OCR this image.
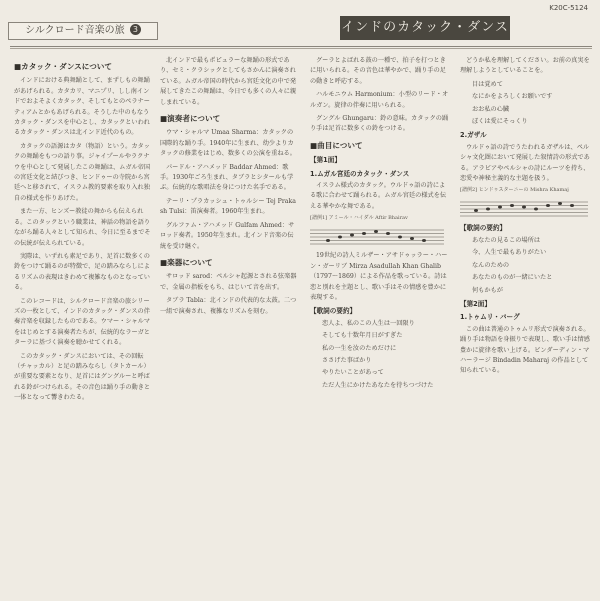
K20C-5124
シルクロード音楽の旅 3	インドのカタック・ダンス
■カタック・ダンスについて

インドにおける典舞踊として、まずしもの舞踊があげられる。カタカリ、マニプリ、しし南インドでおよそよくカタック、そしてもとのペラナーティアムとかもあげられる。そうした中のもなうカタック・ダンスを中心とし、カタックといわれるカタック・ダンスは北インド近代のもの。

カタックの語源はカタ（物語）という。カタックの舞踊をもつの語り事。ジャイプールやラクナウを中心として発展したこの舞踊は、ムガル帝国の宮廷文化と結びつき、ヒンドゥーの寺院から宮廷へと移されて、イスラム教的要素を取り入れ独自の様式を作りあげた。

また一方、ヒンズー教徒の舞からも伝えられる。このタックという職業は、神話の物語を語りながら踊る人々として知られ、今日に至るまでその伝統が伝えられている。

実際は、いずれも素足であり、足首に数多くの鈴をつけて踊るのが特徴で、足の踏みならしによるリズムの表現はきわめて複雑なものとなっている。

このレコードは、シルクロード音楽の旅シリーズの一枚として、インドのカタック・ダンスの伴奏音楽を収録したものである。ウマー・シャルマをはじめとする演奏者たちが、伝統的なラーガとターラに基づく演奏を聴かせてくれる。

このカタック・ダンスにおいては、その回転（チャッカル）と足の踏みならし（タトカール）が重要な要素となり、足首にはグングルーと呼ばれる鈴がつけられる。その音色は踊り手の動きと一体となって響きわたる。

北インドで最もポピュラーな舞踊の形式であり、セミ・クラシックとしてもさかんに演奏されている。ムガル帝国の時代から宮廷文化の中で発展してきたこの舞踊は、今日でも多くの人々に親しまれている。

■演奏者について

ウマ・シャルマ Umaa Sharma：カタックの国際的な踊り手。1940年に生まれ、幼少よりカタックの修業をはじめ、数多くの公演を重ねる。

パードル・アハメッド Baddar Ahmed：歌手。1930年ごろ生まれ、タブラとシタールも学ぶ。伝統的な歌唱法を身につけた名手である。

テーリ・プラカッシュ・トゥルシー Tej Prakash Tulsi：笛演奏者。1960年生まれ。

グルファム・アハメッド Gulfam Ahmed：サロッド奏者。1950年生まれ。北インド音楽の伝統を受け継ぐ。

■楽器について

サロッド sarod：ペルシャ起源とされる弦楽器で、金属の指板をもち、はじいて音を出す。

タブラ Tabla：北インドの代表的な太鼓。二つ一組で演奏され、複雑なリズムを刻む。

グーラとよばれる鼓の一種で、拍子を打つときに用いられる。その音色は華やかで、踊り手の足の動きと呼応する。

ハルモニウム Harmonium：小型のリード・オルガン。旋律の伴奏に用いられる。

グングル Ghungaru：鈴の意味。カタックの踊り手は足首に数多くの鈴をつける。

■曲目について
【第1面】
1.ムガル宮廷のカタック・ダンス

イスラム様式のカタック。ウルドゥ語の詩による歌に合わせて踊られる。ムガル宮廷の様式を伝える華やかな舞である。

[譜例1] アミール・ハイダル Aftir Bhairav

19世紀の詩人ミルザー・アサドゥッラー・ハーン・ガーリブ Mirza Asadullah Khan Ghalib（1797〜1869）による作品を歌っている。詩は恋と別れを主題とし、歌い手はその情感を豊かに表現する。

【歌詞の要約】
恋人よ、私のこの人生は一回限り
そしても十数年月日がすぎた
私の一生を汝のためだけに
ささげた事ばかり
やりたいことがあって
ただ人生にかけたあなたを待ちつづけた

どうか私を理解してください。お前の真実を理解しようとしていることを。

目は覚めて
なにかをよろしくお願いです
おお私の心臓
ぼくは愛にそっくり
2.ガザル

ウルドゥ語の詩でうたわれるガザルは、ペルシャ文化圏において発展した叙情詩の形式である。アラビアやペルシャの詩にルーツを持ち、恋愛や神秘主義的な主題を扱う。

[譜例2] ヒンドゥスターニーの Mishra Khamaj
【歌詞の要約】
あなたの見るこの場所は
今、人生で最もありがたい
なんのための
あなたのものが一緒にいたと
何もかもが
【第2面】
1.トゥムリ・バーグ

この曲は普通のトゥムリ形式で演奏される。踊り手は物語を身振りで表現し、歌い手は情感豊かに旋律を歌い上げる。ビンダーディン・マハーラージ Bindadin Maharaj の作品として知られている。
